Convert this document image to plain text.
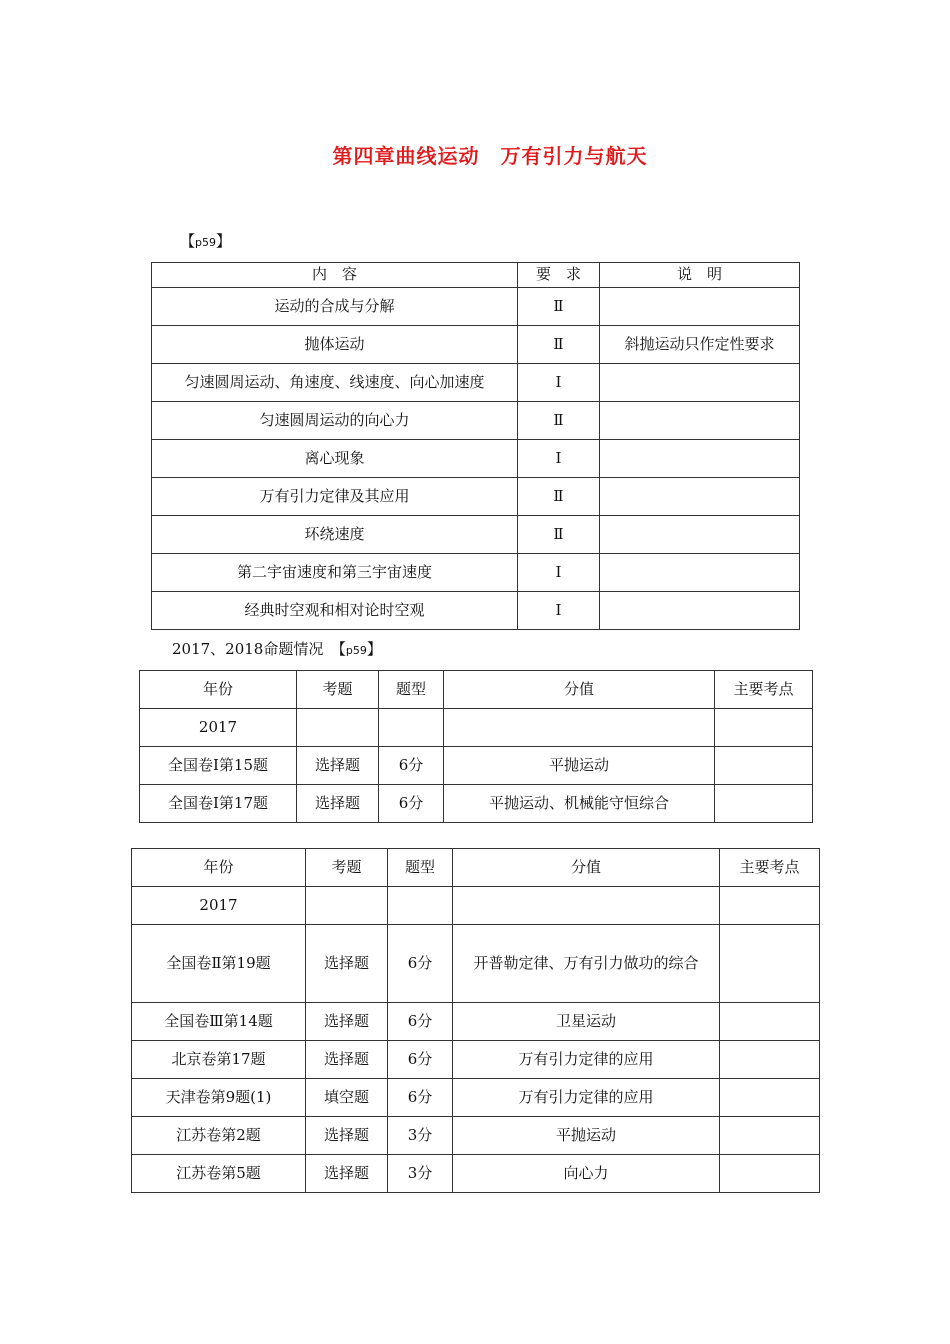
第四章曲线运动　万有引力与航天
【p59】
内　容	要　求	说　明
运动的合成与分解	Ⅱ	
抛体运动	Ⅱ	斜抛运动只作定性要求
匀速圆周运动、角速度、线速度、向心加速度	Ⅰ	
匀速圆周运动的向心力	Ⅱ	
离心现象	Ⅰ	
万有引力定律及其应用	Ⅱ	
环绕速度	Ⅱ	
第二宇宙速度和第三宇宙速度	Ⅰ	
经典时空观和相对论时空观	Ⅰ	
2017、2018命题情况　【p59】
年份	考题	题型	分值	主要考点
2017				
全国卷Ⅰ第15题	选择题	6分	平抛运动	
全国卷Ⅰ第17题	选择题	6分	平抛运动、机械能守恒综合	
年份	考题	题型	分值	主要考点
2017				
全国卷Ⅱ第19题	选择题	6分	开普勒定律、万有引力做功的综合	
全国卷Ⅲ第14题	选择题	6分	卫星运动	
北京卷第17题	选择题	6分	万有引力定律的应用	
天津卷第9题(1)	填空题	6分	万有引力定律的应用	
江苏卷第2题	选择题	3分	平抛运动	
江苏卷第5题	选择题	3分	向心力	
